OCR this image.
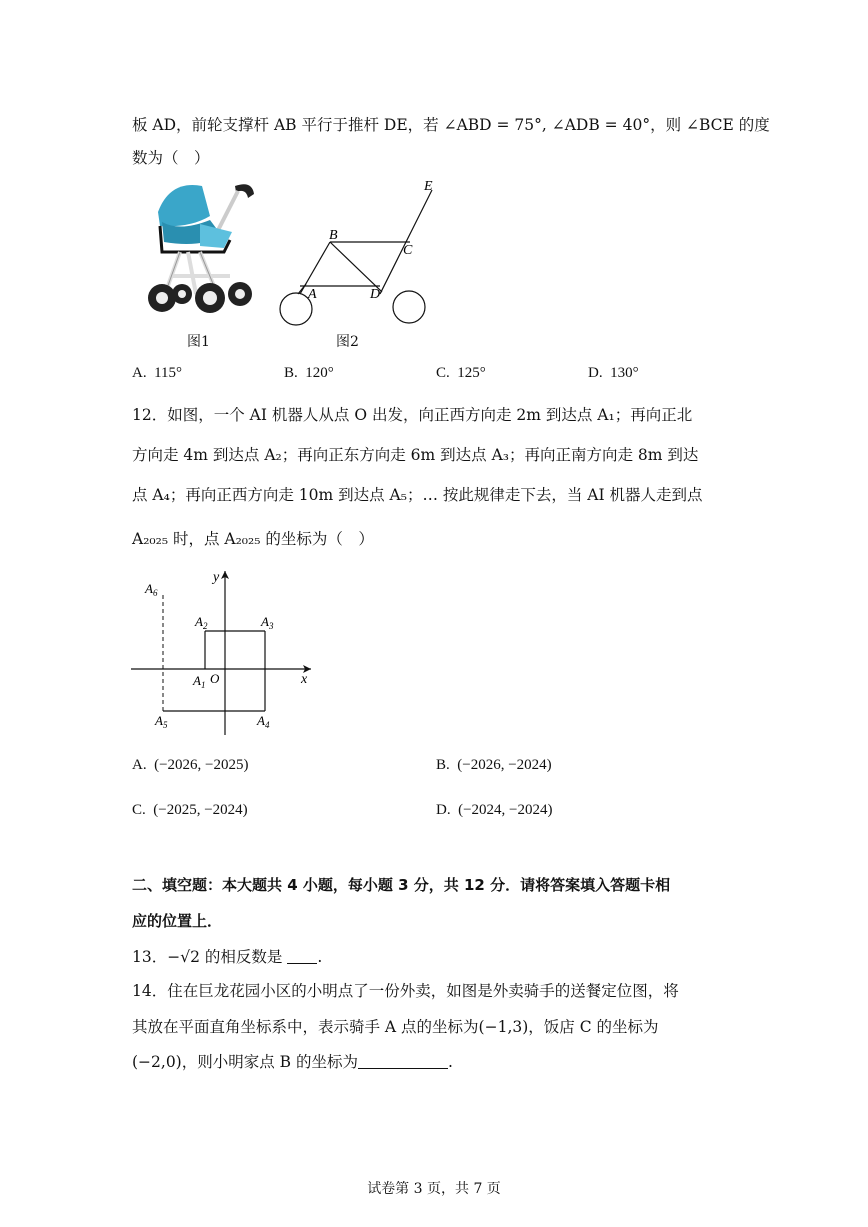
板 AD，前轮支撑杆 AB 平行于推杆 DE，若 ∠ABD = 75°, ∠ADB = 40°，则 ∠BCE 的度
数为（　）
图1
E
B
C
A	D
图2
A. 115°	B. 120°	C. 125°	D. 130°
12．如图，一个 AI 机器人从点 O 出发，向正西方向走 2m 到达点 A₁；再向正北
方向走 4m 到达点 A₂；再向正东方向走 6m 到达点 A₃；再向正南方向走 8m 到达
点 A₄；再向正西方向走 10m 到达点 A₅；… 按此规律走下去，当 AI 机器人走到点
A₂₀₂₅ 时，点 A₂₀₂₅ 的坐标为（　）
y
x
$A_6$
$A_2$	$A_3$
$A_1$ O
$A_5$	$A_4$
A. (−2026, −2025)	B. (−2026, −2024)
C. (−2025, −2024)	D. (−2024, −2024)
二、填空题：本大题共 4 小题，每小题 3 分，共 12 分．请将答案填入答题卡相
应的位置上．
13．−√2 的相反数是 .
14．住在巨龙花园小区的小明点了一份外卖，如图是外卖骑手的送餐定位图，将
其放在平面直角坐标系中，表示骑手 A 点的坐标为(−1,3)，饭店 C 的坐标为
(−2,0)，则小明家点 B 的坐标为	.
试卷第 3 页，共 7 页
